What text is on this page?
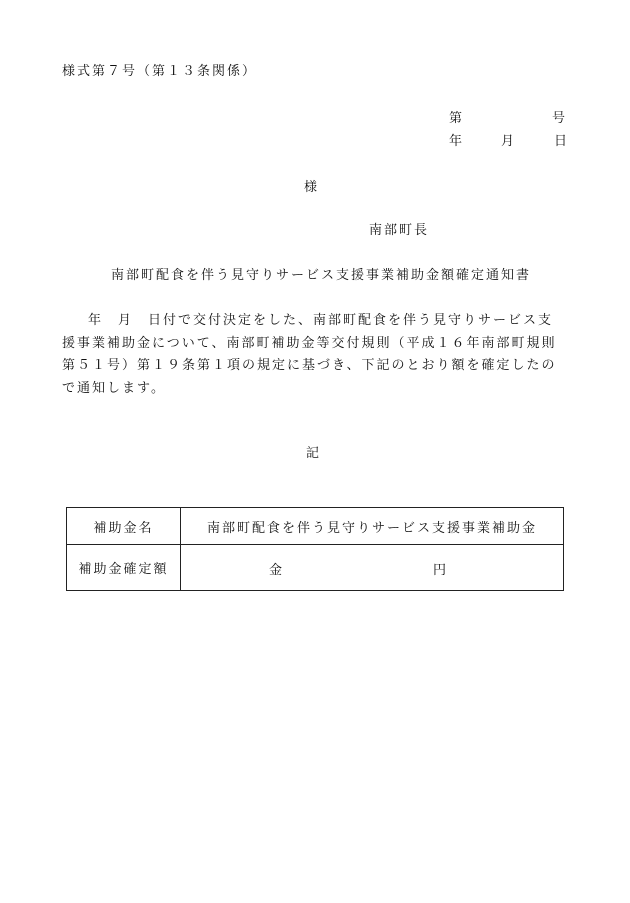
様式第７号（第１３条関係）
第	号
年	月	日
様
南部町長
南部町配食を伴う見守りサービス支援事業補助金額確定通知書

年　月　日付で交付決定をした、南部町配食を伴う見守りサービス支援事業補助金について、南部町補助金等交付規則（平成１６年南部町規則第５１号）第１９条第１項の規定に基づき、下記のとおり額を確定したので通知します。

記
補助金名	南部町配食を伴う見守りサービス支援事業補助金
補助金確定額	金 円
